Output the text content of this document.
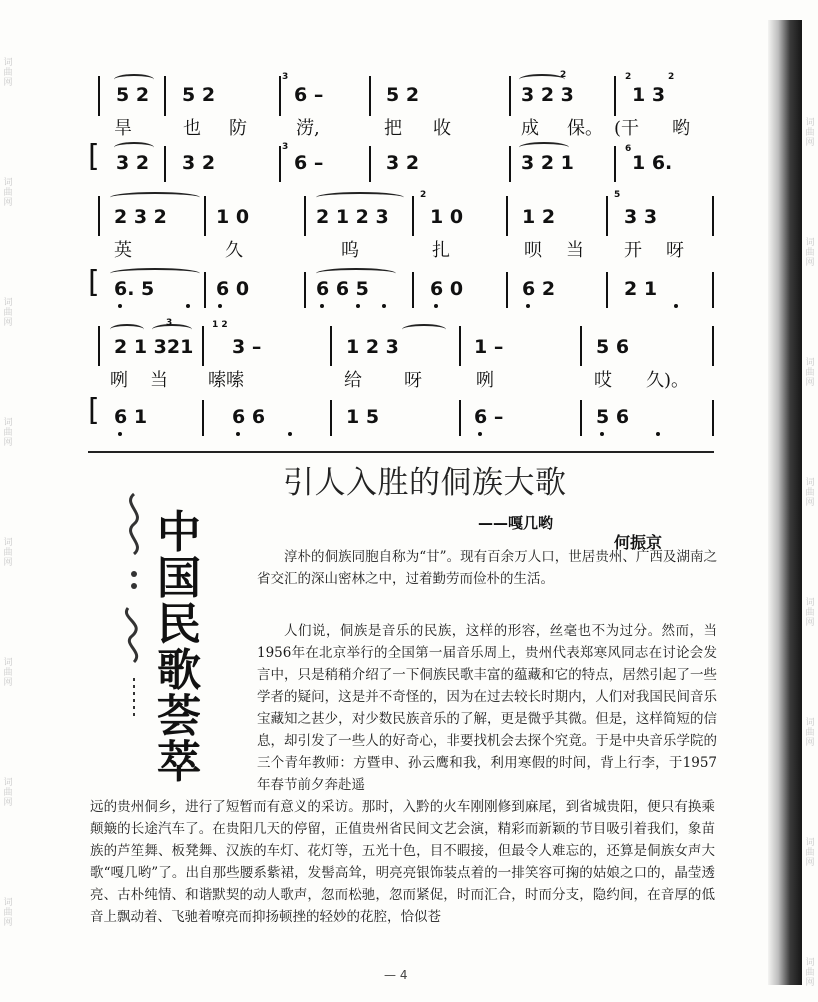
词曲网
词曲网
词曲网
词曲网
词曲网
词曲网
词曲网
词曲网
词曲网
词曲网
词曲网
词曲网
词曲网
词曲网
词曲网
词曲网
3	2	2	2
5 2 5 2	6 –	5 2	3 2 3	1 3
旱	也 防	涝,	把 收	成 保。 (干 哟
[	3	6
3 2 3 2	6 –	3 2	3 2 1	1 6.
2	5
2 3 2	1 0	2 1 2 3 1 0	1 2	3 3
英	久	呜	扎	呗 当 开 呀
[ 6. 5	6 0	6 6 5	6 0	6 2	2 1
3	1 2
2 1 321 3 –	1 2 3	1 –	5 6
咧 当 嗦嗦	给 呀	咧	哎 久)。
[ 6 1	6 6	1 5	6 –	5 6
中
国
民
歌
荟
萃
引人入胜的侗族大歌
——嘎几哟
何振京

淳朴的侗族同胞自称为“甘”。现有百余万人口，世居贵州、广西及湖南之省交汇的深山密林之中，过着勤劳而俭朴的生活。

人们说，侗族是音乐的民族，这样的形容，丝毫也不为过分。然而，当1956年在北京举行的全国第一届音乐周上，贵州代表郑寒风同志在讨论会发言中，只是稍稍介绍了一下侗族民歌丰富的蕴藏和它的特点，居然引起了一些学者的疑问，这是并不奇怪的，因为在过去较长时期内，人们对我国民间音乐宝藏知之甚少，对少数民族音乐的了解，更是微乎其微。但是，这样简短的信息，却引发了一些人的好奇心，非要找机会去探个究竟。于是中央音乐学院的三个青年教师：方暨申、孙云鹰和我，利用寒假的时间，背上行李，于1957年春节前夕奔赴遥

远的贵州侗乡，进行了短暂而有意义的采访。那时，入黔的火车刚刚修到麻尾，到省城贵阳，便只有换乘颠簸的长途汽车了。在贵阳几天的停留，正值贵州省民间文艺会演，精彩而新颖的节目吸引着我们，象苗族的芦笙舞、板凳舞、汉族的车灯、花灯等，五光十色，目不暇接，但最令人难忘的，还算是侗族女声大歌“嘎几哟”了。出自那些腰系紫裙，发髻高耸，明亮亮银饰装点着的一排笑容可掬的姑娘之口的，晶莹透亮、古朴纯情、和谐默契的动人歌声，忽而松驰，忽而紧促，时而汇合，时而分支，隐约间，在音厚的低音上飘动着、飞驰着嘹亮而抑扬顿挫的轻妙的花腔，恰似苍

— 4
